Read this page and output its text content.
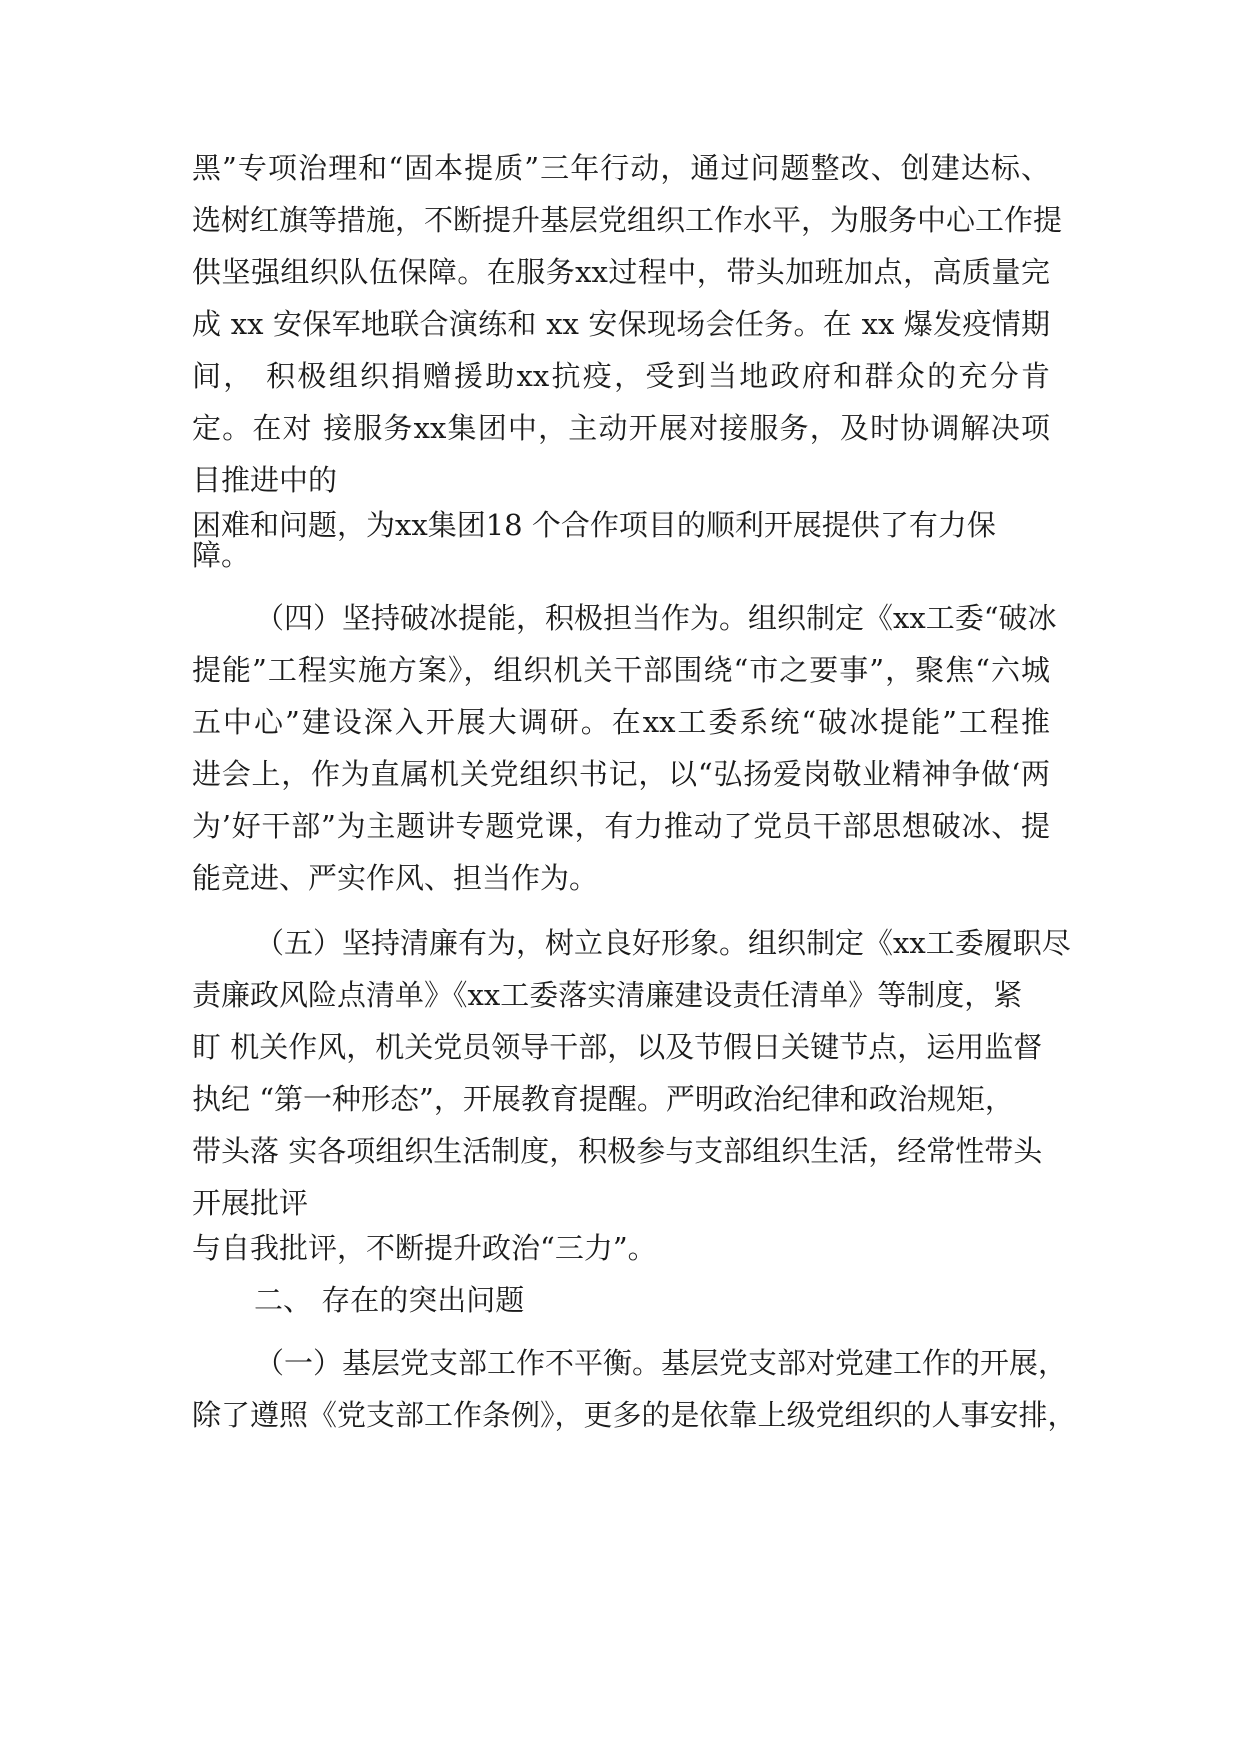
黑”专项治理和“固本提质”三年行动，通过问题整改、创建达标、

选树红旗等措施，不断提升基层党组织工作水平，为服务中心工作提

供坚强组织队伍保障。在服务xx过程中，带头加班加点，高质量完

成 xx 安保军地联合演练和 xx 安保现场会任务。在 xx 爆发疫情期

间， 积极组织捐赠援助xx抗疫，受到当地政府和群众的充分肯

定。在对 接服务xx集团中，主动开展对接服务，及时协调解决项

目推进中的

困难和问题，为xx集团18 个合作项目的顺利开展提供了有力保

障。

（四）坚持破冰提能，积极担当作为。组织制定《xx工委“破冰

提能”工程实施方案》，组织机关干部围绕“市之要事”，聚焦“六城

五中心”建设深入开展大调研。在xx工委系统“破冰提能”工程推

进会上，作为直属机关党组织书记，以“弘扬爱岗敬业精神争做‘两

为’好干部”为主题讲专题党课，有力推动了党员干部思想破冰、提

能竞进、严实作风、担当作为。

（五）坚持清廉有为，树立良好形象。组织制定《xx工委履职尽

责廉政风险点清单》《xx工委落实清廉建设责任清单》等制度，紧

盯 机关作风，机关党员领导干部，以及节假日关键节点，运用监督

执纪 “第一种形态”，开展教育提醒。严明政治纪律和政治规矩，

带头落 实各项组织生活制度，积极参与支部组织生活，经常性带头

开展批评

与自我批评，不断提升政治“三力”。

二、 存在的突出问题

（一）基层党支部工作不平衡。基层党支部对党建工作的开展，

除了遵照《党支部工作条例》，更多的是依靠上级党组织的人事安排，
